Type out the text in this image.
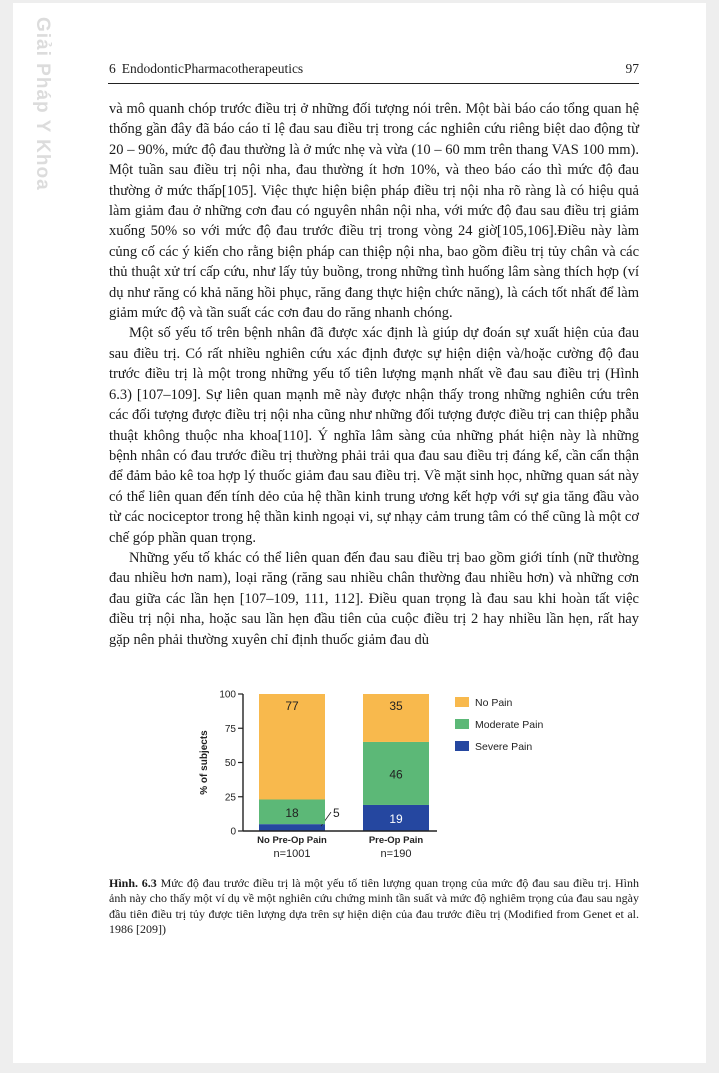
Giải Pháp Y Khoa	6 EndodonticPharmacotherapeutics	97

và mô quanh chóp trước điều trị ở những đối tượng nói trên. Một bài báo cáo tổng quan hệ thống gần đây đã báo cáo tỉ lệ đau sau điều trị trong các nghiên cứu riêng biệt dao động từ 20 – 90%, mức độ đau thường là ở mức nhẹ và vừa (10 – 60 mm trên thang VAS 100 mm). Một tuần sau điều trị nội nha, đau thường ít hơn 10%, và theo báo cáo thì mức độ đau thường ở mức thấp[105]. Việc thực hiện biện pháp điều trị nội nha rõ ràng là có hiệu quả làm giảm đau ở những cơn đau có nguyên nhân nội nha, với mức độ đau sau điều trị giảm xuống 50% so với mức độ đau trước điều trị trong vòng 24 giờ[105,106].Điều này làm củng cố các ý kiến cho rằng biện pháp can thiệp nội nha, bao gồm điều trị tủy chân và các thủ thuật xử trí cấp cứu, như lấy tủy buồng, trong những tình huống lâm sàng thích hợp (ví dụ như răng có khả năng hồi phục, răng đang thực hiện chức năng), là cách tốt nhất để làm giảm mức độ và tần suất các cơn đau do răng nhanh chóng.

Một số yếu tố trên bệnh nhân đã được xác định là giúp dự đoán sự xuất hiện của đau sau điều trị. Có rất nhiều nghiên cứu xác định được sự hiện diện và/hoặc cường độ đau trước điều trị là một trong những yếu tố tiên lượng mạnh nhất về đau sau điều trị (Hình 6.3) [107–109]. Sự liên quan mạnh mẽ này được nhận thấy trong những nghiên cứu trên các đối tượng được điều trị nội nha cũng như những đối tượng được điều trị can thiệp phẫu thuật không thuộc nha khoa[110]. Ý nghĩa lâm sàng của những phát hiện này là những bệnh nhân có đau trước điều trị thường phải trải qua đau sau điều trị đáng kể, cần cẩn thận để đảm bảo kê toa hợp lý thuốc giảm đau sau điều trị. Về mặt sinh học, những quan sát này có thể liên quan đến tính dẻo của hệ thần kinh trung ương kết hợp với sự gia tăng đầu vào từ các nociceptor trong hệ thần kinh ngoại vi, sự nhạy cảm trung tâm có thể cũng là một cơ chế góp phần quan trọng.

Những yếu tố khác có thể liên quan đến đau sau điều trị bao gồm giới tính (nữ thường đau nhiều hơn nam), loại răng (răng sau nhiều chân thường đau nhiều hơn) và những cơn đau giữa các lần hẹn [107–109, 111, 112]. Điều quan trọng là đau sau khi hoàn tất việc điều trị nội nha, hoặc sau lần hẹn đầu tiên của cuộc điều trị 2 hay nhiều lần hẹn, rất hay gặp nên phải thường xuyên chỉ định thuốc giảm đau dù

% of subjects
0
25
50
75
100
5
18
77
No Pre-Op Pain
n=1001
19
46
35
Pre-Op Pain
n=190
No Pain
Moderate Pain
Severe Pain
Hình. 6.3 Mức độ đau trước điều trị là một yếu tố tiên lượng quan trọng của mức độ đau sau điều trị. Hình ảnh này cho thấy một ví dụ về một nghiên cứu chứng minh tần suất và mức độ nghiêm trọng của đau sau ngày đầu tiên điều trị tủy được tiên lượng dựa trên sự hiện diện của đau trước điều trị (Modified from Genet et al. 1986 [209])
